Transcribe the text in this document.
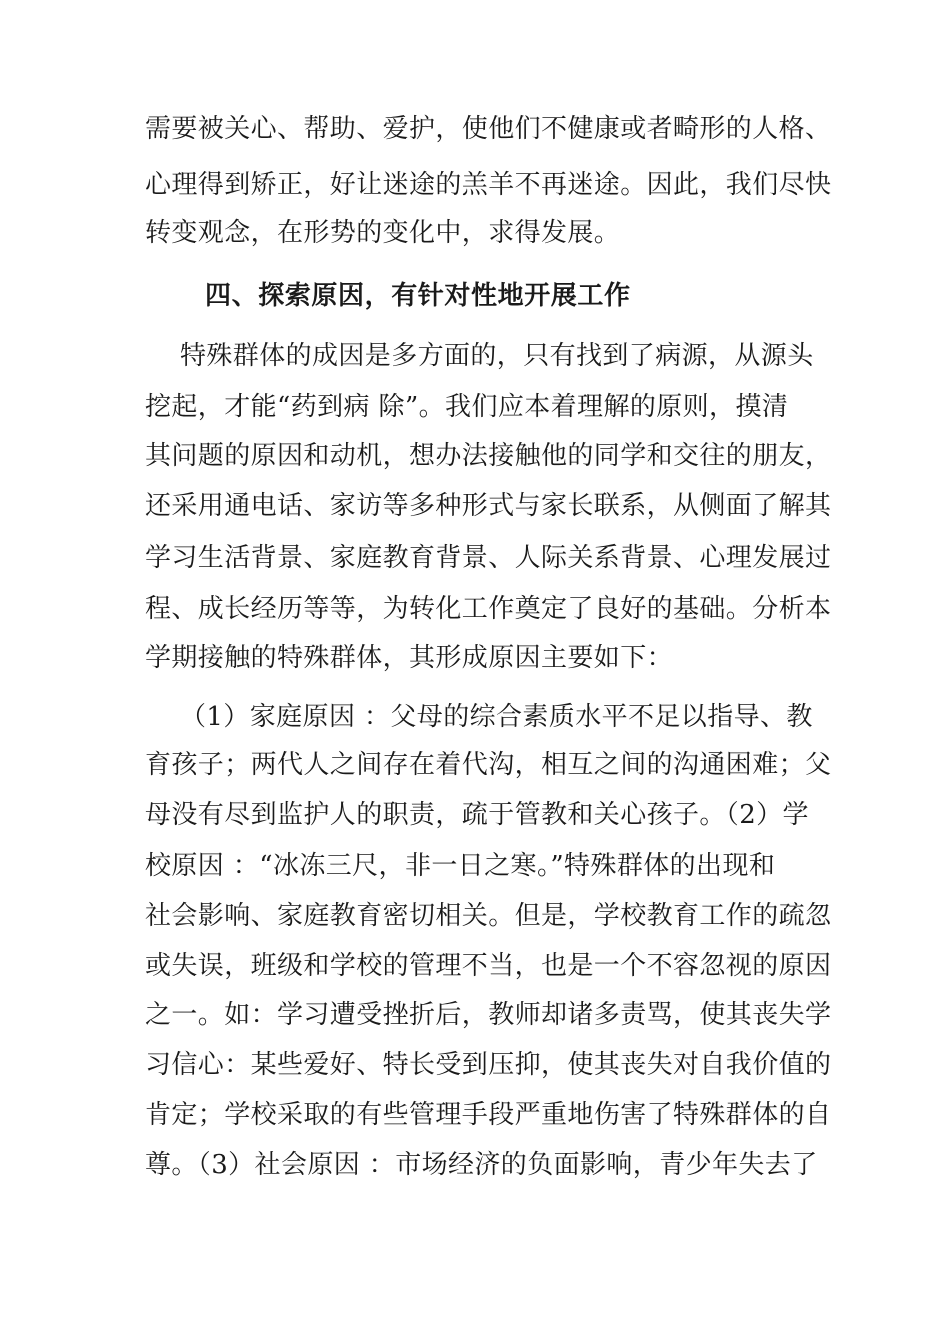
需要被关心、帮助、爱护，使他们不健康或者畸形的人格、
心理得到矫正，好让迷途的羔羊不再迷途。因此，我们尽快
转变观念，在形势的变化中，求得发展。
四、探索原因，有针对性地开展工作
特殊群体的成因是多方面的，只有找到了病源，从源头
挖起，才能“药到病 除”。我们应本着理解的原则，摸清
其问题的原因和动机，想办法接触他的同学和交往的朋友，
还采用通电话、家访等多种形式与家长联系，从侧面了解其
学习生活背景、家庭教育背景、人际关系背景、心理发展过
程、成长经历等等，为转化工作奠定了良好的基础。分析本
学期接触的特殊群体，其形成原因主要如下：
（1）家庭原因 ：父母的综合素质水平不足以指导、教
育孩子；两代人之间存在着代沟，相互之间的沟通困难；父
母没有尽到监护人的职责，疏于管教和关心孩子。（2）学
校原因 ：“冰冻三尺，非一日之寒。”特殊群体的出现和
社会影响、家庭教育密切相关。但是，学校教育工作的疏忽
或失误，班级和学校的管理不当，也是一个不容忽视的原因
之一。如：学习遭受挫折后，教师却诸多责骂，使其丧失学
习信心：某些爱好、特长受到压抑，使其丧失对自我价值的
肯定；学校采取的有些管理手段严重地伤害了特殊群体的自
尊。（3）社会原因 ：市场经济的负面影响，青少年失去了
